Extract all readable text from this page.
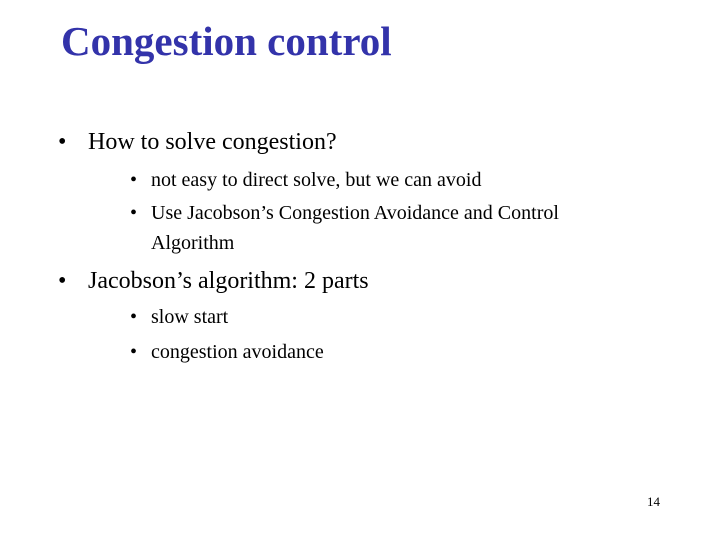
Congestion control
• How to solve congestion?
• not easy to direct solve, but we can avoid
• Use Jacobson’s Congestion Avoidance and Control
Algorithm
• Jacobson’s algorithm: 2 parts
• slow start
• congestion avoidance
14
